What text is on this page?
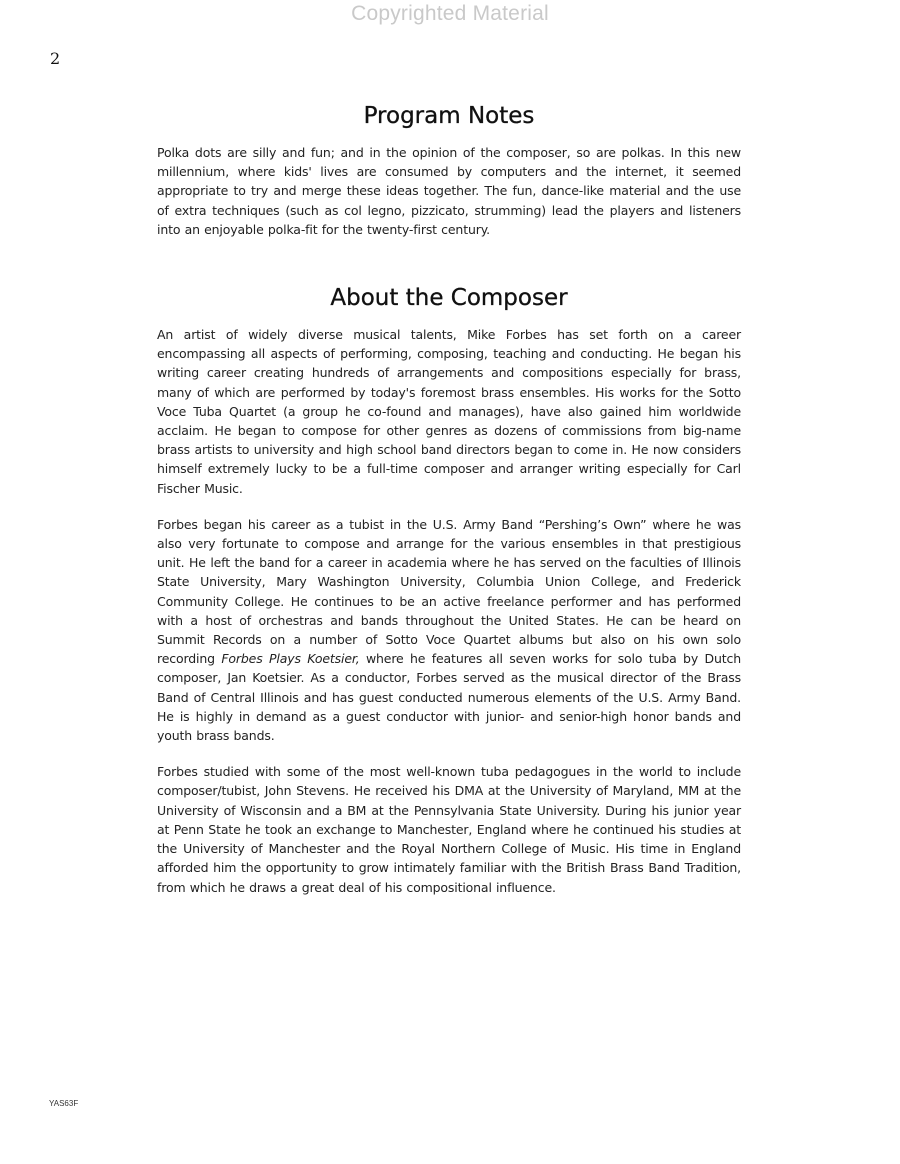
Copyrighted Material
2
Program Notes

Polka dots are silly and fun; and in the opinion of the composer, so are polkas. In this new millennium, where kids' lives are consumed by computers and the internet, it seemed appropriate to try and merge these ideas together. The fun, dance-like material and the use of extra techniques (such as col legno, pizzicato, strumming) lead the players and listeners into an enjoyable polka-fit for the twenty-first century.

About the Composer

An artist of widely diverse musical talents, Mike Forbes has set forth on a career encompassing all aspects of performing, composing, teaching and conducting. He began his writing career creating hundreds of arrangements and compositions especially for brass, many of which are performed by today's foremost brass ensembles. His works for the Sotto Voce Tuba Quartet (a group he co-found and manages), have also gained him worldwide acclaim. He began to compose for other genres as dozens of commissions from big-name brass artists to university and high school band directors began to come in. He now considers himself extremely lucky to be a full-time composer and arranger writing especially for Carl Fischer Music.

Forbes began his career as a tubist in the U.S. Army Band “Pershing’s Own” where he was also very fortunate to compose and arrange for the various ensembles in that prestigious unit. He left the band for a career in academia where he has served on the faculties of Illinois State University, Mary Washington University, Columbia Union College, and Frederick Community College. He continues to be an active freelance performer and has performed with a host of orchestras and bands throughout the United States. He can be heard on Summit Records on a number of Sotto Voce Quartet albums but also on his own solo recording Forbes Plays Koetsier, where he features all seven works for solo tuba by Dutch composer, Jan Koetsier. As a conductor, Forbes served as the musical director of the Brass Band of Central Illinois and has guest conducted numerous elements of the U.S. Army Band. He is highly in demand as a guest conductor with junior- and senior-high honor bands and youth brass bands.

Forbes studied with some of the most well-known tuba pedagogues in the world to include composer/tubist, John Stevens. He received his DMA at the University of Maryland, MM at the University of Wisconsin and a BM at the Pennsylvania State University. During his junior year at Penn State he took an exchange to Manchester, England where he continued his studies at the University of Manchester and the Royal Northern College of Music. His time in England afforded him the opportunity to grow intimately familiar with the British Brass Band Tradition, from which he draws a great deal of his compositional influence.

YAS63F
